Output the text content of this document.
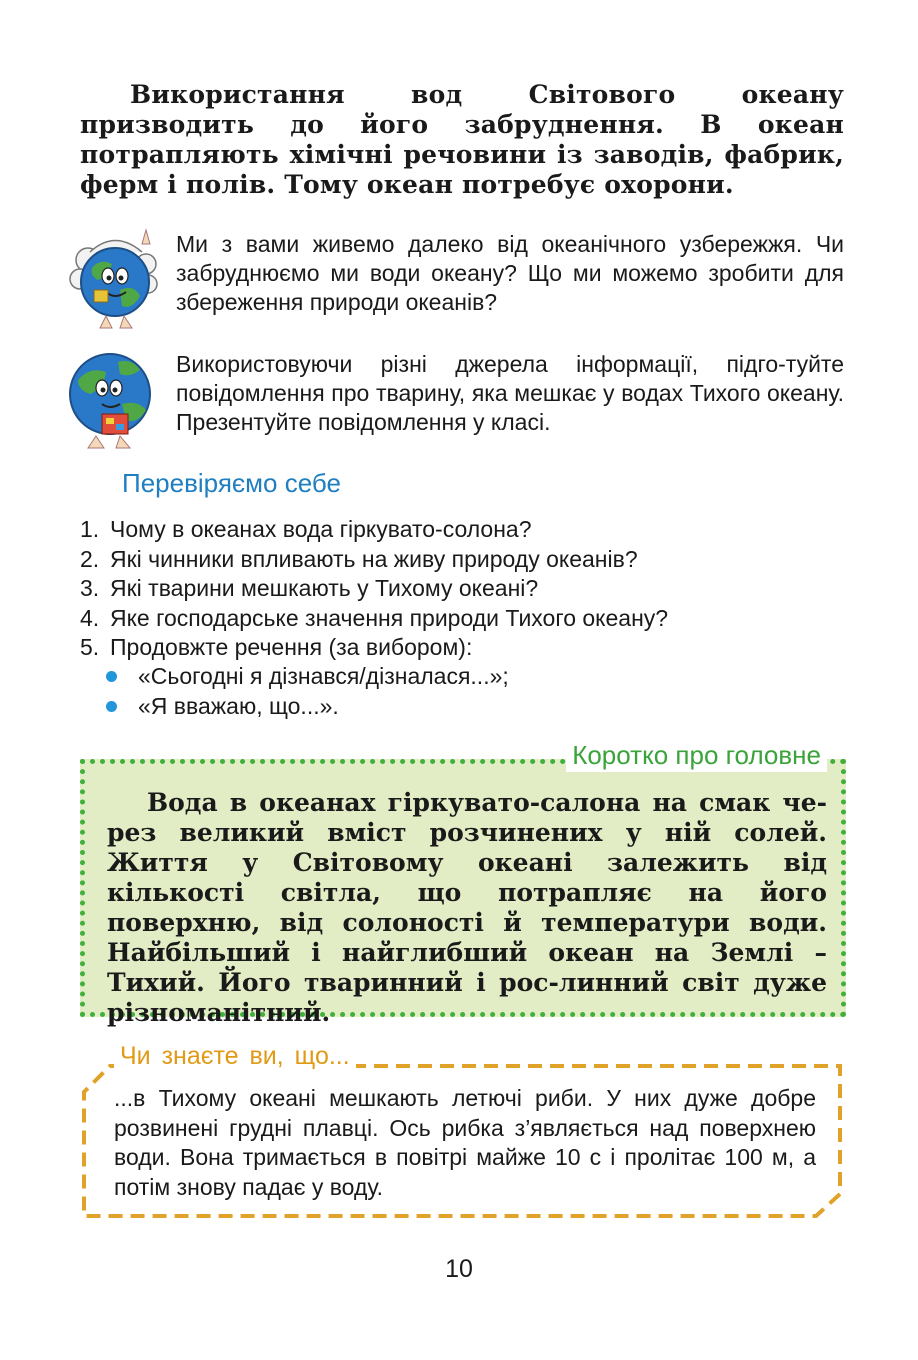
Використання вод Світового океану призводить до його забруднення. В океан потрапляють хімічні речовини із заводів, фабрик, ферм і полів. Тому океан потребує охорони.
Ми з вами живемо далеко від океанічного узбережжя. Чи забруднюємо ми води океану? Що ми можемо зробити для збереження природи океанів?
Використовуючи різні джерела інформації, підго-туйте повідомлення про тварину, яка мешкає у водах Тихого океану. Презентуйте повідомлення у класі.
Перевіряємо себе
1. Чому в океанах вода гіркувато-солона?
2. Які чинники впливають на живу природу океанів?
3. Які тварини мешкають у Тихому океані?
4. Яке господарське значення природи Тихого океану?
5. Продовжте речення (за вибором):
«Сьогодні я дізнався/дізналася...»;
«Я вважаю, що...».
Коротко про головне
Вода в океанах гіркувато-салона на смак че-рез великий вміст розчинених у ній солей. Життя у Світовому океані залежить від кількості світла, що потрапляє на його поверхню, від солоності й температури води. Найбільший і найглибший океан на Землі – Тихий. Його тваринний і рос-линний світ дуже різноманітний.
Чи знаєте ви, що...
...в Тихому океані мешкають летючі риби. У них дуже добре розвинені грудні плавці. Ось рибка з’являється над поверхнею води. Вона тримається в повітрі майже 10 с і пролітає 100 м, а потім знову падає у воду.
10
